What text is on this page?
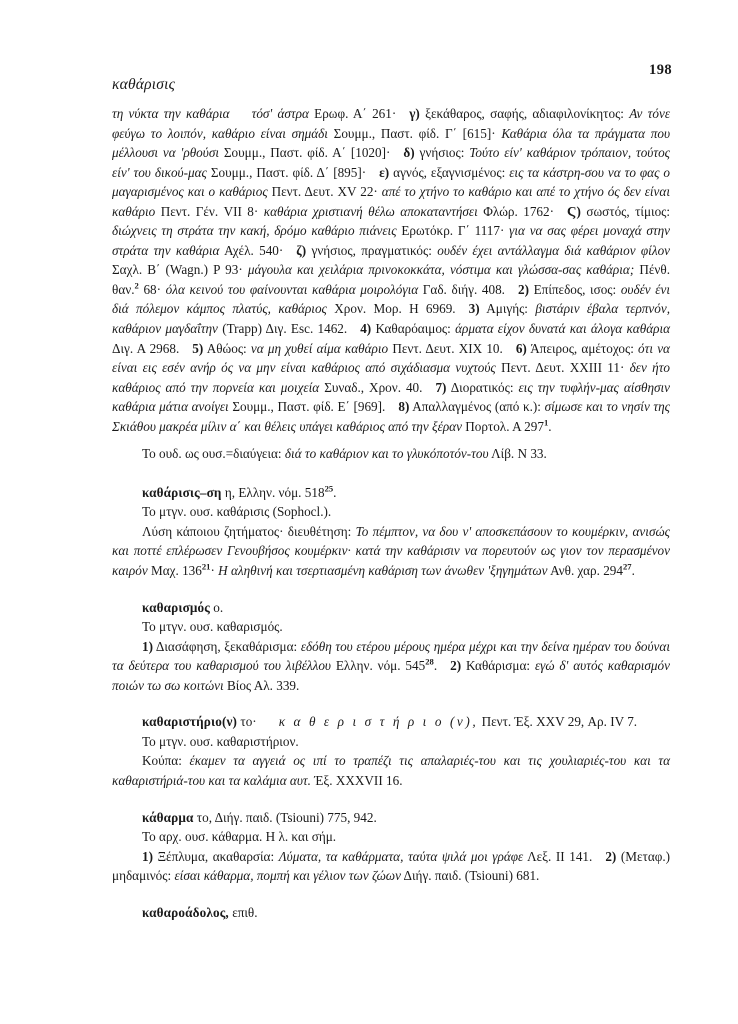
καθάρισις
198

τη νύκτα την καθάρια τόσ' άστρα Ερωφ. Α΄ 261· γ) ξεκάθαρος, σαφής, αδιαφιλονίκητος: Αν τόνε φεύγω το λοιπόν, καθάριο είναι σημάδι Σουμμ., Παστ. φίδ. Γ΄ [615]· Καθάρια όλα τα πράγματα που μέλλουσι να 'ρθούσι Σουμμ., Παστ. φίδ. Α΄ [1020]· δ) γνήσιος: Τούτο είν' καθάριον τρόπαιον, τούτος είν' του δικού-μας Σουμμ., Παστ. φίδ. Δ΄ [895]· ε) αγνός, εξαγνισμένος: εις τα κάστρη-σου να το φας ο μαγαρισμένος και ο καθάριος Πεντ. Δευτ. XV 22· απέ το χτήνο το καθάριο και απέ το χτήνο ός δεν είναι καθάριο Πεντ. Γέν. VII 8· καθάρια χριστιανή θέλω αποκαταντήσει Φλώρ. 1762· Ϛ) σωστός, τίμιος: διώχνεις τη στράτα την κακή, δρόμο καθάριο πιάνεις Ερωτόκρ. Γ΄ 1117· για να σας φέρει μοναχά στην στράτα την καθάρια Αχέλ. 540· ζ) γνήσιος, πραγματικός: ουδέν έχει αντάλλαγμα διά καθάριον φίλον Σαχλ. Β΄ (Wagn.) P 93· μάγουλα και χειλάρια πρινοκοκκάτα, νόστιμα και γλώσσα-σας καθάρια; Πένθ. θαν.$^2$ 68· όλα κεινού του φαίνουνται καθάρια μοιρολόγια Γαδ. διήγ. 408. 2) Επίπεδος, ισος: ουδέν ένι διά πόλεμον κάμπος πλατύς, καθάριος Χρον. Μορ. Η 6969. 3) Αμιγής: βιστάριν έβαλα τερπνόν, καθάριον μαγδαΐτην (Trapp) Διγ. Esc. 1462. 4) Καθαρόαιμος: άρματα είχον δυνατά και άλογα καθάρια Διγ. Α 2968. 5) Αθώος: να μη χυθεί αίμα καθάριο Πεντ. Δευτ. XIX 10. 6) Άπειρος, αμέτοχος: ότι να είναι εις εσέν ανήρ ός να μην είναι καθάριος από σιχάδιασμα νυχτούς Πεντ. Δευτ. XXIII 11· δεν ήτο καθάριος από την πορνεία και μοιχεία Συναδ., Χρον. 40. 7) Διορατικός: εις την τυφλήν-μας αίσθησιν καθάρια μάτια ανοίγει Σουμμ., Παστ. φίδ. Ε΄ [969]. 8) Απαλλαγμένος (από κ.): σίμωσε και το νησίν της Σκιάθου μακρέα μίλιν α΄ και θέλεις υπάγει καθάριος από την ξέραν Πορτολ. Α $297^1$.

Το ουδ. ως ουσ.=διαύγεια: διά το καθάριον και το γλυκόποτόν-του Λίβ. N 33.

καθάρισις–ση η, Ελλην. νόμ. $518^{25}$.

Το μτγν. ουσ. καθάρισις (Sophocl.).

Λύση κάποιου ζητήματος· διευθέτηση: Το πέμπτον, να δου ν' αποσκεπάσουν το κουμέρκιν, ανισώς και ποττέ επλέρωσεν Γενουβήσος κουμέρκιν· κατά την καθάρισιν να πορευτούν ως γιον τον περασμένον καιρόν Μαχ. $136^{21}\cdot H$ αληθινή και τσερτιασμένη καθάριση των άνωθεν 'ξηγημάτων Ανθ. χαρ. $294^{27}$.

καθαρισμός ο.

Το μτγν. ουσ. καθαρισμός.

1) Διασάφηση, ξεκαθάρισμα: εδόθη του ετέρου μέρους ημέρα μέχρι και την δείνα ημέραν του δούναι τα δεύτερα του καθαρισμού του λιβέλλου Ελλην. νόμ. $545^{28}$. 2) Καθάρισμα: εγώ δ' αυτός καθαρισμόν ποιών τω σω κοιτώνι Βίος Αλ. 339.

καθαριστήριο(ν) το· κ α θ ε ρ ι σ τ ή ρ ι ο (ν), Πεντ. Έξ. XXV 29, Αρ. IV 7.

Το μτγν. ουσ. καθαριστήριον.

Κούπα: έκαμεν τα αγγειά ος ιπί το τραπέζι τις απαλαριές-του και τις χουλιαριές-του και τα καθαριστήριά-του και τα καλάμια αυτ. Έξ. XXXVII 16.

κάθαρμα το, Διήγ. παιδ. (Tsiouni) 775, 942.

Το αρχ. ουσ. κάθαρμα. Η λ. και σήμ.

1) Ξέπλυμα, ακαθαρσία: Λύματα, τα καθάρματα, ταύτα ψιλά μοι γράφε Λεξ. II 141. 2) (Μεταφ.) μηδαμινός: είσαι κάθαρμα, πομπή και γέλιον των ζώων Διήγ. παιδ. (Tsiouni) 681.

καθαροάδολος, επιθ.
